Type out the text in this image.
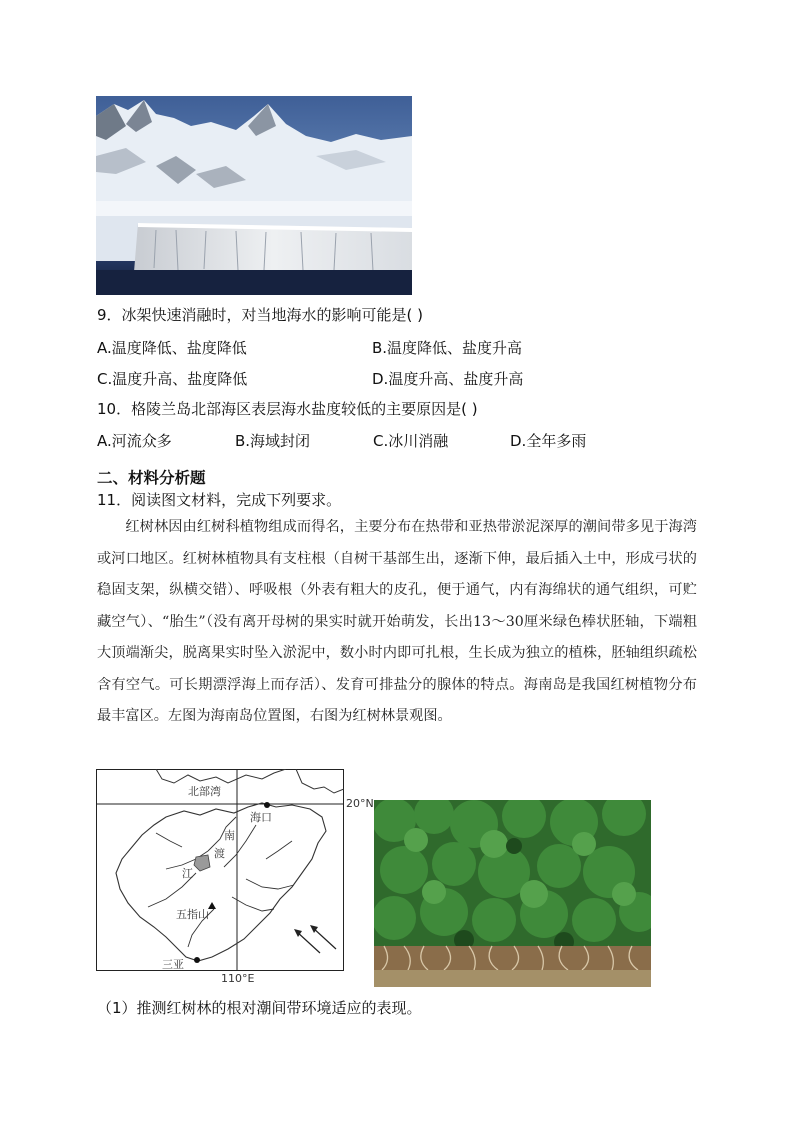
9．冰架快速消融时，对当地海水的影响可能是( )
A.温度降低、盐度降低	B.温度降低、盐度升高
C.温度升高、盐度降低	D.温度升高、盐度升高
10．格陵兰岛北部海区表层海水盐度较低的主要原因是( )
A.河流众多	B.海域封闭	C.冰川消融	D.全年多雨
二、材料分析题
11．阅读图文材料，完成下列要求。

红树林因由红树科植物组成而得名，主要分布在热带和亚热带淤泥深厚的潮间带多见于海湾或河口地区。红树林植物具有支柱根（自树干基部生出，逐渐下伸，最后插入土中，形成弓状的稳固支架，纵横交错）、呼吸根（外表有粗大的皮孔，便于通气，内有海绵状的通气组织，可贮藏空气）、“胎生”（没有离开母树的果实时就开始萌发，长出13～30厘米绿色棒状胚轴，下端粗大顶端渐尖，脱离果实时坠入淤泥中，数小时内即可扎根，生长成为独立的植株，胚轴组织疏松含有空气。可长期漂浮海上而存活）、发育可排盐分的腺体的特点。海南岛是我国红树植物分布最丰富区。左图为海南岛位置图，右图为红树林景观图。

北部湾
海口
南
渡
江
五指山
三亚
20°N
110°E
（1）推测红树林的根对潮间带环境适应的表现。
